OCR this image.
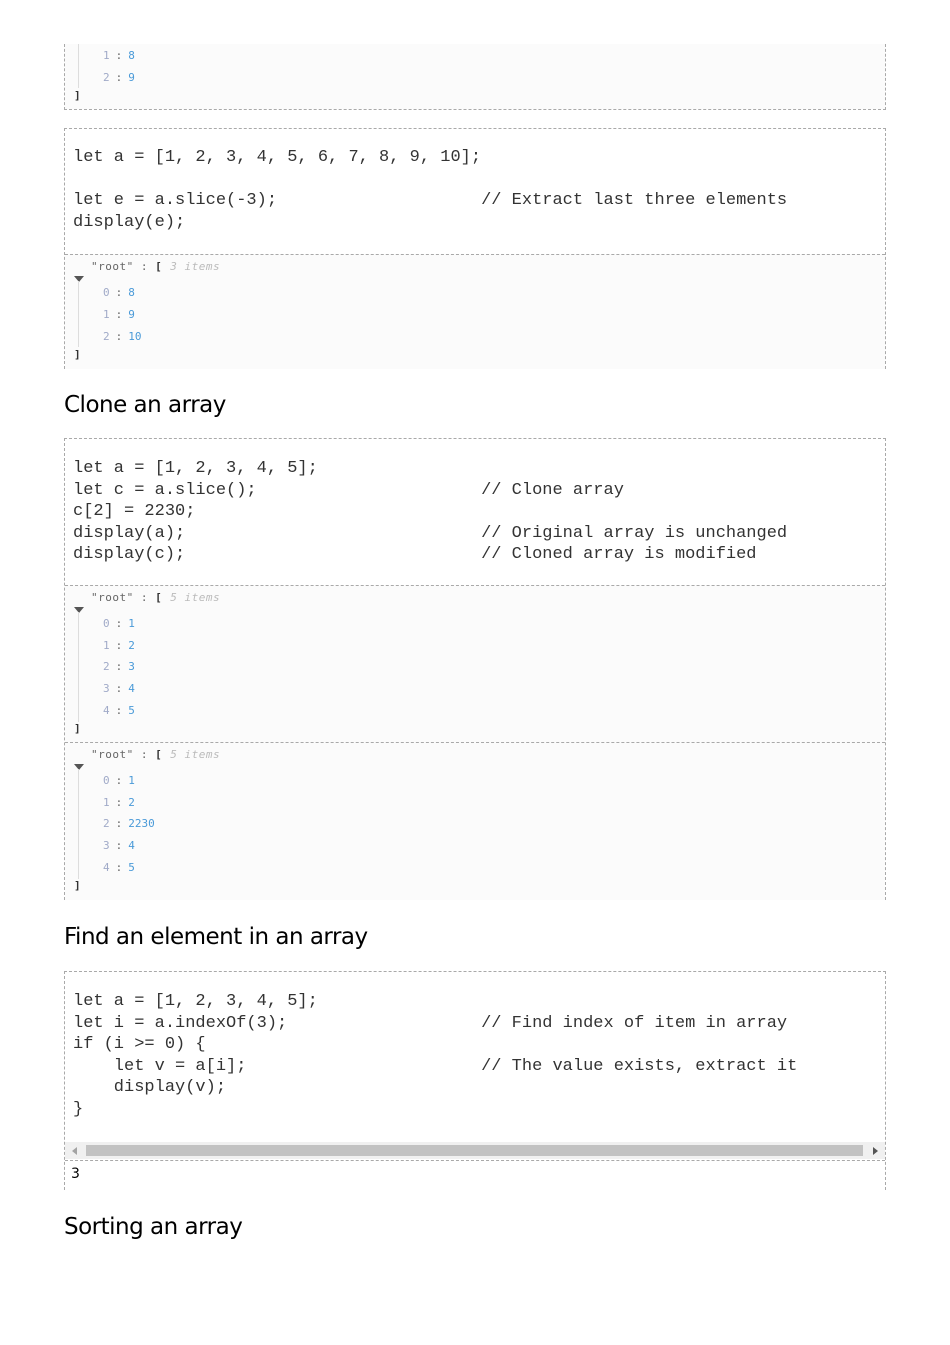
1 : 8
2 : 9
]
let a = [1, 2, 3, 4, 5, 6, 7, 8, 9, 10];

let e = a.slice(-3);                    // Extract last three elements
display(e);
"root" : [ 3 items
0 : 8
1 : 9
2 : 10
]
Clone an array
let a = [1, 2, 3, 4, 5];
let c = a.slice();                      // Clone array
c[2] = 2230;
display(a);                             // Original array is unchanged
display(c);                             // Cloned array is modified
"root" : [ 5 items
0 : 1
1 : 2
2 : 3
3 : 4
4 : 5
]
"root" : [ 5 items
0 : 1
1 : 2
2 : 2230
3 : 4
4 : 5
]
Find an element in an array
let a = [1, 2, 3, 4, 5];
let i = a.indexOf(3);                   // Find index of item in array
if (i >= 0) {
let v = a[i];                       // The value exists, extract it
display(v);
}
3
Sorting an array
